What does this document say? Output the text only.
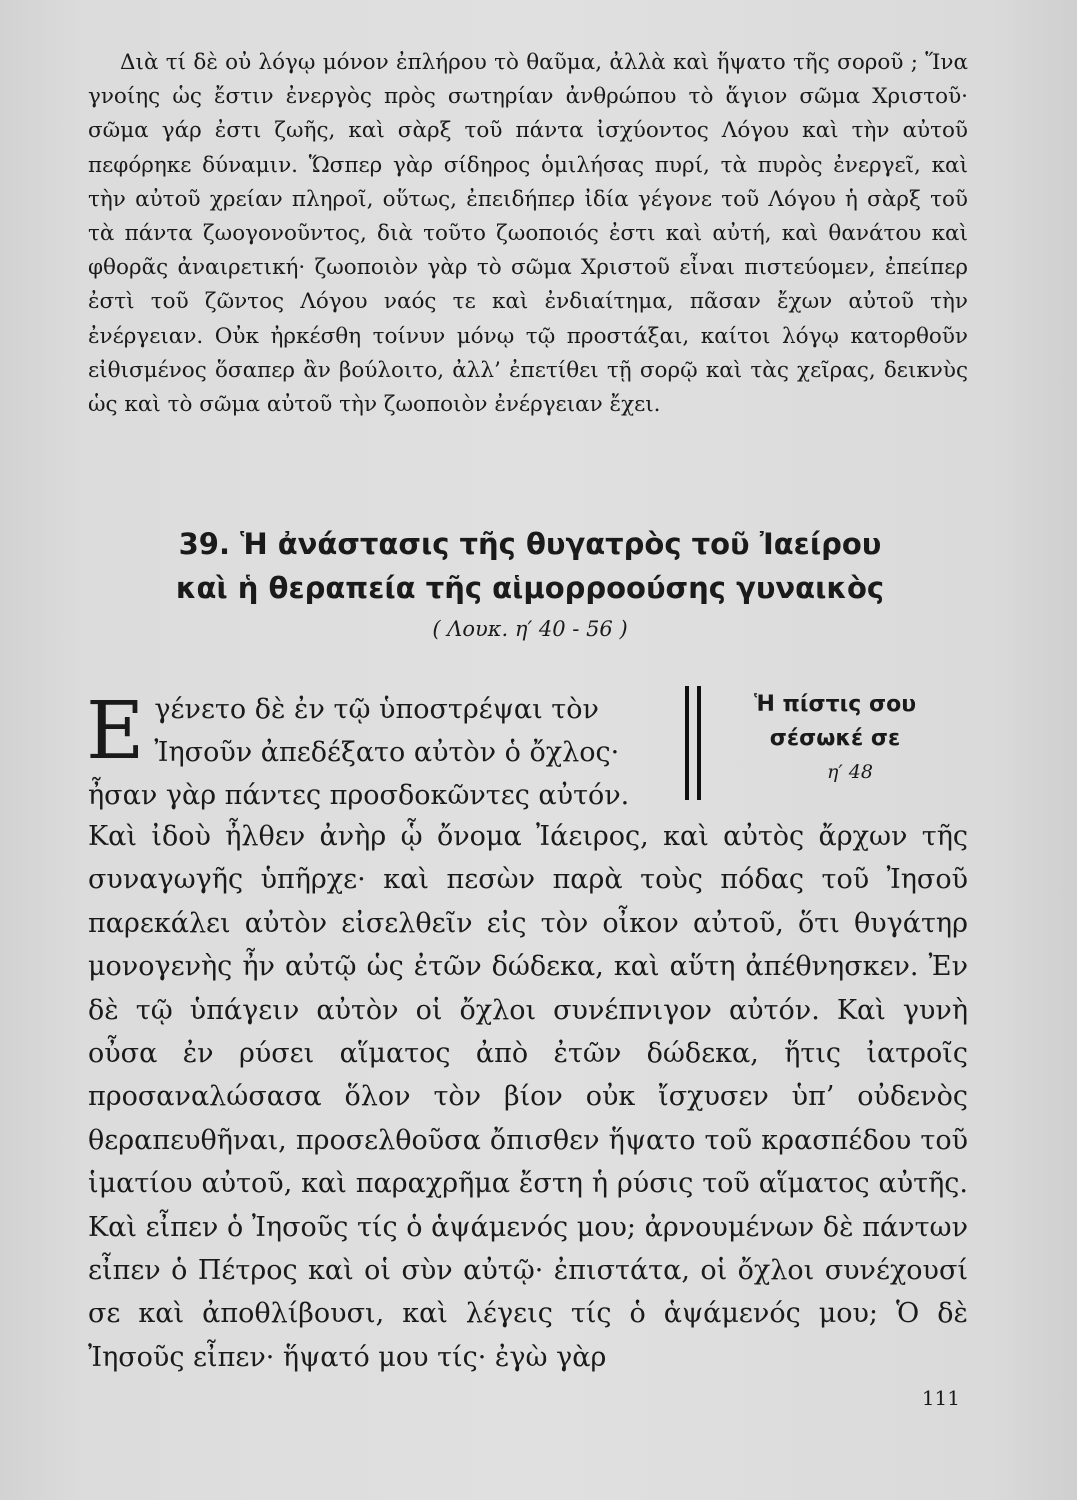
Διὰ τί δὲ οὐ λόγῳ μόνον ἐπλήρου τὸ θαῦμα, ἀλλὰ καὶ ἥψατο τῆς σοροῦ ; Ἵνα γνοίης ὡς ἔστιν ἐνεργὸς πρὸς σωτηρίαν ἀνθρώπου τὸ ἅγιον σῶμα Χριστοῦ· σῶμα γάρ ἐστι ζωῆς, καὶ σὰρξ τοῦ πάντα ἰσχύοντος Λόγου καὶ τὴν αὐτοῦ πεφόρηκε δύναμιν. Ὥσπερ γὰρ σίδηρος ὁμιλήσας πυρί, τὰ πυρὸς ἐνεργεῖ, καὶ τὴν αὐτοῦ χρείαν πληροῖ, οὕτως, ἐπειδήπερ ἰδία γέγονε τοῦ Λόγου ἡ σὰρξ τοῦ τὰ πάντα ζωογονοῦντος, διὰ τοῦτο ζωοποιός ἐστι καὶ αὐτή, καὶ θανάτου καὶ φθορᾶς ἀναιρετική· ζωοποιὸν γὰρ τὸ σῶμα Χριστοῦ εἶναι πιστεύομεν, ἐπείπερ ἐστὶ τοῦ ζῶντος Λόγου ναός τε καὶ ἐνδιαίτημα, πᾶσαν ἔχων αὐτοῦ τὴν ἐνέργειαν. Οὐκ ἠρκέσθη τοίνυν μόνῳ τῷ προστάξαι, καίτοι λόγῳ κατορθοῦν εἰθισμένος ὅσαπερ ἂν βούλοιτο, ἀλλ’ ἐπετίθει τῇ σορῷ καὶ τὰς χεῖρας, δεικνὺς ὡς καὶ τὸ σῶμα αὐτοῦ τὴν ζωοποιὸν ἐνέργειαν ἔχει.

39. Ἡ ἀνάστασις τῆς θυγατρὸς τοῦ Ἰαείρου
καὶ ἡ θεραπεία τῆς αἱμορροούσης γυναικὸς
( Λουκ. η′ 40 - 56 )
Ε γένετο δὲ ἐν τῷ ὑποστρέψαι τὸν
Ἰησοῦν ἀπεδέξατο αὐτὸν ὁ ὄχλος·
ἦσαν γὰρ πάντες προσδοκῶντες αὐτόν.
Ἡ πίστις σου
σέσωκέ σε
η′ 48

Καὶ ἰδοὺ ἦλθεν ἀνὴρ ᾧ ὄνομα Ἰάειρος, καὶ αὐτὸς ἄρχων τῆς συναγωγῆς ὑπῆρχε· καὶ πεσὼν παρὰ τοὺς πόδας τοῦ Ἰησοῦ παρεκάλει αὐτὸν εἰσελθεῖν εἰς τὸν οἶκον αὐτοῦ, ὅτι θυγάτηρ μονογενὴς ἦν αὐτῷ ὡς ἐτῶν δώδεκα, καὶ αὕτη ἀπέθνησκεν. Ἐν δὲ τῷ ὑπάγειν αὐτὸν οἱ ὄχλοι συνέπνιγον αὐτόν. Καὶ γυνὴ οὖσα ἐν ρύσει αἵματος ἀπὸ ἐτῶν δώδεκα, ἥτις ἰατροῖς προσαναλώσασα ὅλον τὸν βίον οὐκ ἴσχυσεν ὑπ’ οὐδενὸς θεραπευθῆναι, προσελθοῦσα ὄπισθεν ἥψατο τοῦ κρασπέδου τοῦ ἱματίου αὐτοῦ, καὶ παραχρῆμα ἔστη ἡ ρύσις τοῦ αἵματος αὐτῆς. Καὶ εἶπεν ὁ Ἰησοῦς τίς ὁ ἁψάμενός μου; ἀρνουμένων δὲ πάντων εἶπεν ὁ Πέτρος καὶ οἱ σὺν αὐτῷ· ἐπιστάτα, οἱ ὄχλοι συνέχουσί σε καὶ ἀποθλίβουσι, καὶ λέγεις τίς ὁ ἁψάμενός μου; Ὁ δὲ Ἰησοῦς εἶπεν· ἥψατό μου τίς· ἐγὼ γὰρ

111
